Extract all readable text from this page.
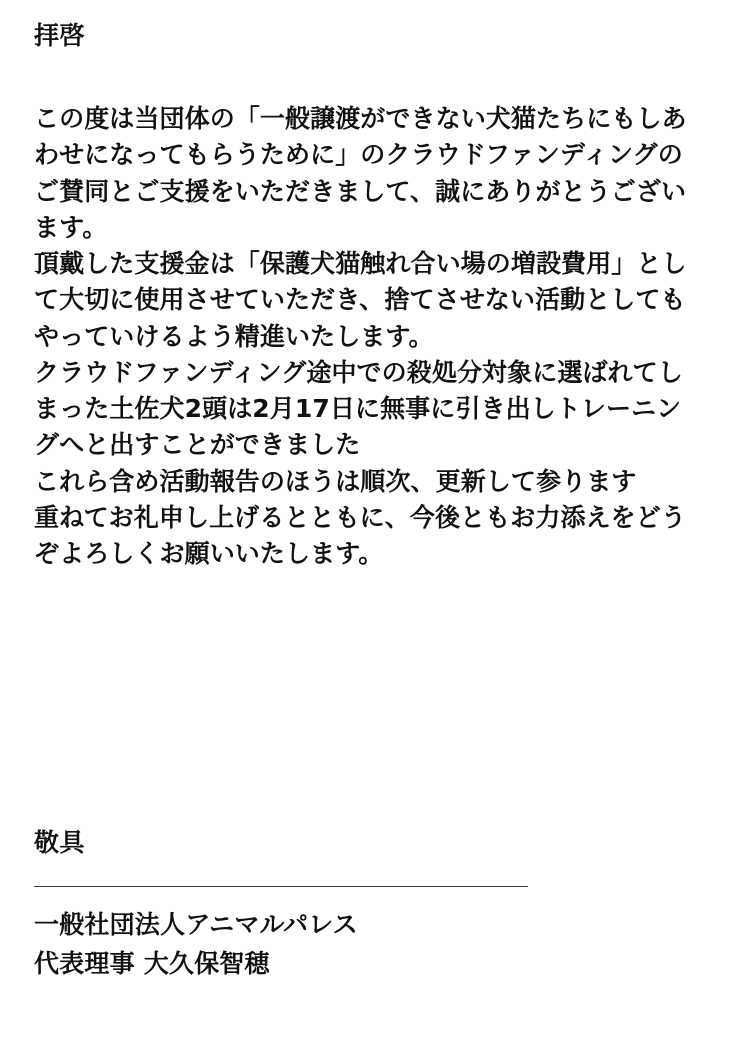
拝啓

この度は当団体の「一般譲渡ができない犬猫たちにもしあわせになってもらうために」のクラウドファンディングの

ご賛同とご支援をいただきまして、誠にありがとうございます。

頂戴した支援金は「保護犬猫触れ合い場の増設費用」として大切に使用させていただき、捨てさせない活動としてもやっていけるよう精進いたします。

クラウドファンディング途中での殺処分対象に選ばれてしまった土佐犬2頭は2月17日に無事に引き出しトレーニングへと出すことができました

これら含め活動報告のほうは順次、更新して参ります

重ねてお礼申し上げるとともに、今後ともお力添えをどうぞよろしくお願いいたします。

敬具

一般社団法人アニマルパレス

代表理事 大久保智穂
